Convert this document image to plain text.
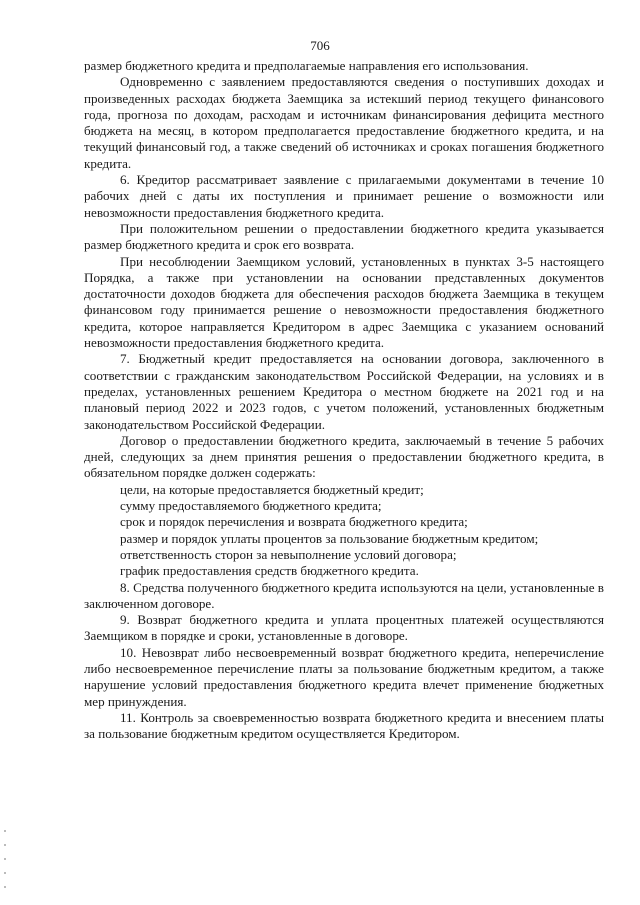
706

размер бюджетного кредита и предполагаемые направления его использования.

Одновременно с заявлением предоставляются сведения о поступивших доходах и произведенных расходах бюджета Заемщика за истекший период текущего финансового года, прогноза по доходам, расходам и источникам финансирования дефицита местного бюджета на месяц, в котором предполагается предоставление бюджетного кредита, и на текущий финансовый год, а также сведений об источниках и сроках погашения бюджетного кредита.

6. Кредитор рассматривает заявление с прилагаемыми документами в течение 10 рабочих дней с даты их поступления и принимает решение о возможности или невозможности предоставления бюджетного кредита.

При положительном решении о предоставлении бюджетного кредита указывается размер бюджетного кредита и срок его возврата.

При несоблюдении Заемщиком условий, установленных в пунктах 3-5 настоящего Порядка, а также при установлении на основании представленных документов достаточности доходов бюджета для обеспечения расходов бюджета Заемщика в текущем финансовом году принимается решение о невозможности предоставления бюджетного кредита, которое направляется Кредитором в адрес Заемщика с указанием оснований невозможности предоставления бюджетного кредита.

7. Бюджетный кредит предоставляется на основании договора, заключенного в соответствии с гражданским законодательством Российской Федерации, на условиях и в пределах, установленных решением Кредитора о местном бюджете на 2021 год и на плановый период 2022 и 2023 годов, с учетом положений, установленных бюджетным законодательством Российской Федерации.

Договор о предоставлении бюджетного кредита, заключаемый в течение 5 рабочих дней, следующих за днем принятия решения о предоставлении бюджетного кредита, в обязательном порядке должен содержать:

цели, на которые предоставляется бюджетный кредит;

сумму предоставляемого бюджетного кредита;

срок и порядок перечисления и возврата бюджетного кредита;

размер и порядок уплаты процентов за пользование бюджетным кредитом;

ответственность сторон за невыполнение условий договора;

график предоставления средств бюджетного кредита.

8. Средства полученного бюджетного кредита используются на цели, установленные в заключенном договоре.

9. Возврат бюджетного кредита и уплата процентных платежей осуществляются Заемщиком в порядке и сроки, установленные в договоре.

10. Невозврат либо несвоевременный возврат бюджетного кредита, неперечисление либо несвоевременное перечисление платы за пользование бюджетным кредитом, а также нарушение условий предоставления бюджетного кредита влечет применение бюджетных мер принуждения.

11. Контроль за своевременностью возврата бюджетного кредита и внесением платы за пользование бюджетным кредитом осуществляется Кредитором.
